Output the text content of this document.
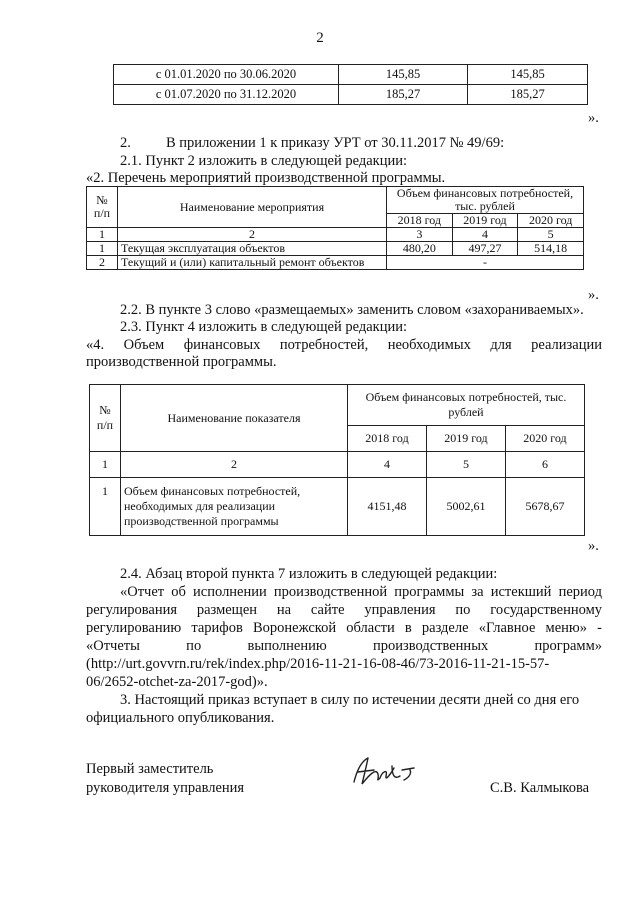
2
с 01.01.2020 по 30.06.2020	145,85	145,85
с 01.07.2020 по 31.12.2020	185,27	185,27
».
2. В приложении 1 к приказу УРТ от 30.11.2017 № 49/69:
2.1. Пункт 2 изложить в следующей редакции:
«2. Перечень мероприятий производственной программы.
№
п/п	Наименование мероприятия	Объем финансовых потребностей,
тыс. рублей		
		2018 год	2019 год	2020 год
1	2	3	4	5
1	Текущая эксплуатация объектов	480,20	497,27	514,18
2	Текущий и (или) капитальный ремонт объектов	-		
».
2.2. В пункте 3 слово «размещаемых» заменить словом «захораниваемых».
2.3. Пункт 4 изложить в следующей редакции:
«4. Объем финансовых потребностей, необходимых для реализации
производственной программы.
№
п/п	Наименование показателя	Объем финансовых потребностей, тыс.
рублей		
		2018 год	2019 год	2020 год
1	2	4	5	6
1	Объем финансовых потребностей,
необходимых для реализации
производственной программы	4151,48	5002,61	5678,67
».
2.4. Абзац второй пункта 7 изложить в следующей редакции:
«Отчет об исполнении производственной программы за истекший период
регулирования размещен на сайте управления по государственному
регулированию тарифов Воронежской области в разделе «Главное меню» -
«Отчеты по выполнению производственных программ»
(http://urt.govvrn.ru/rek/index.php/2016-11-21-16-08-46/73-2016-11-21-15-57-
06/2652-otchet-za-2017-god)».
3. Настоящий приказ вступает в силу по истечении десяти дней со дня его
официального опубликования.
Первый заместитель
руководителя управления	С.В. Калмыкова
